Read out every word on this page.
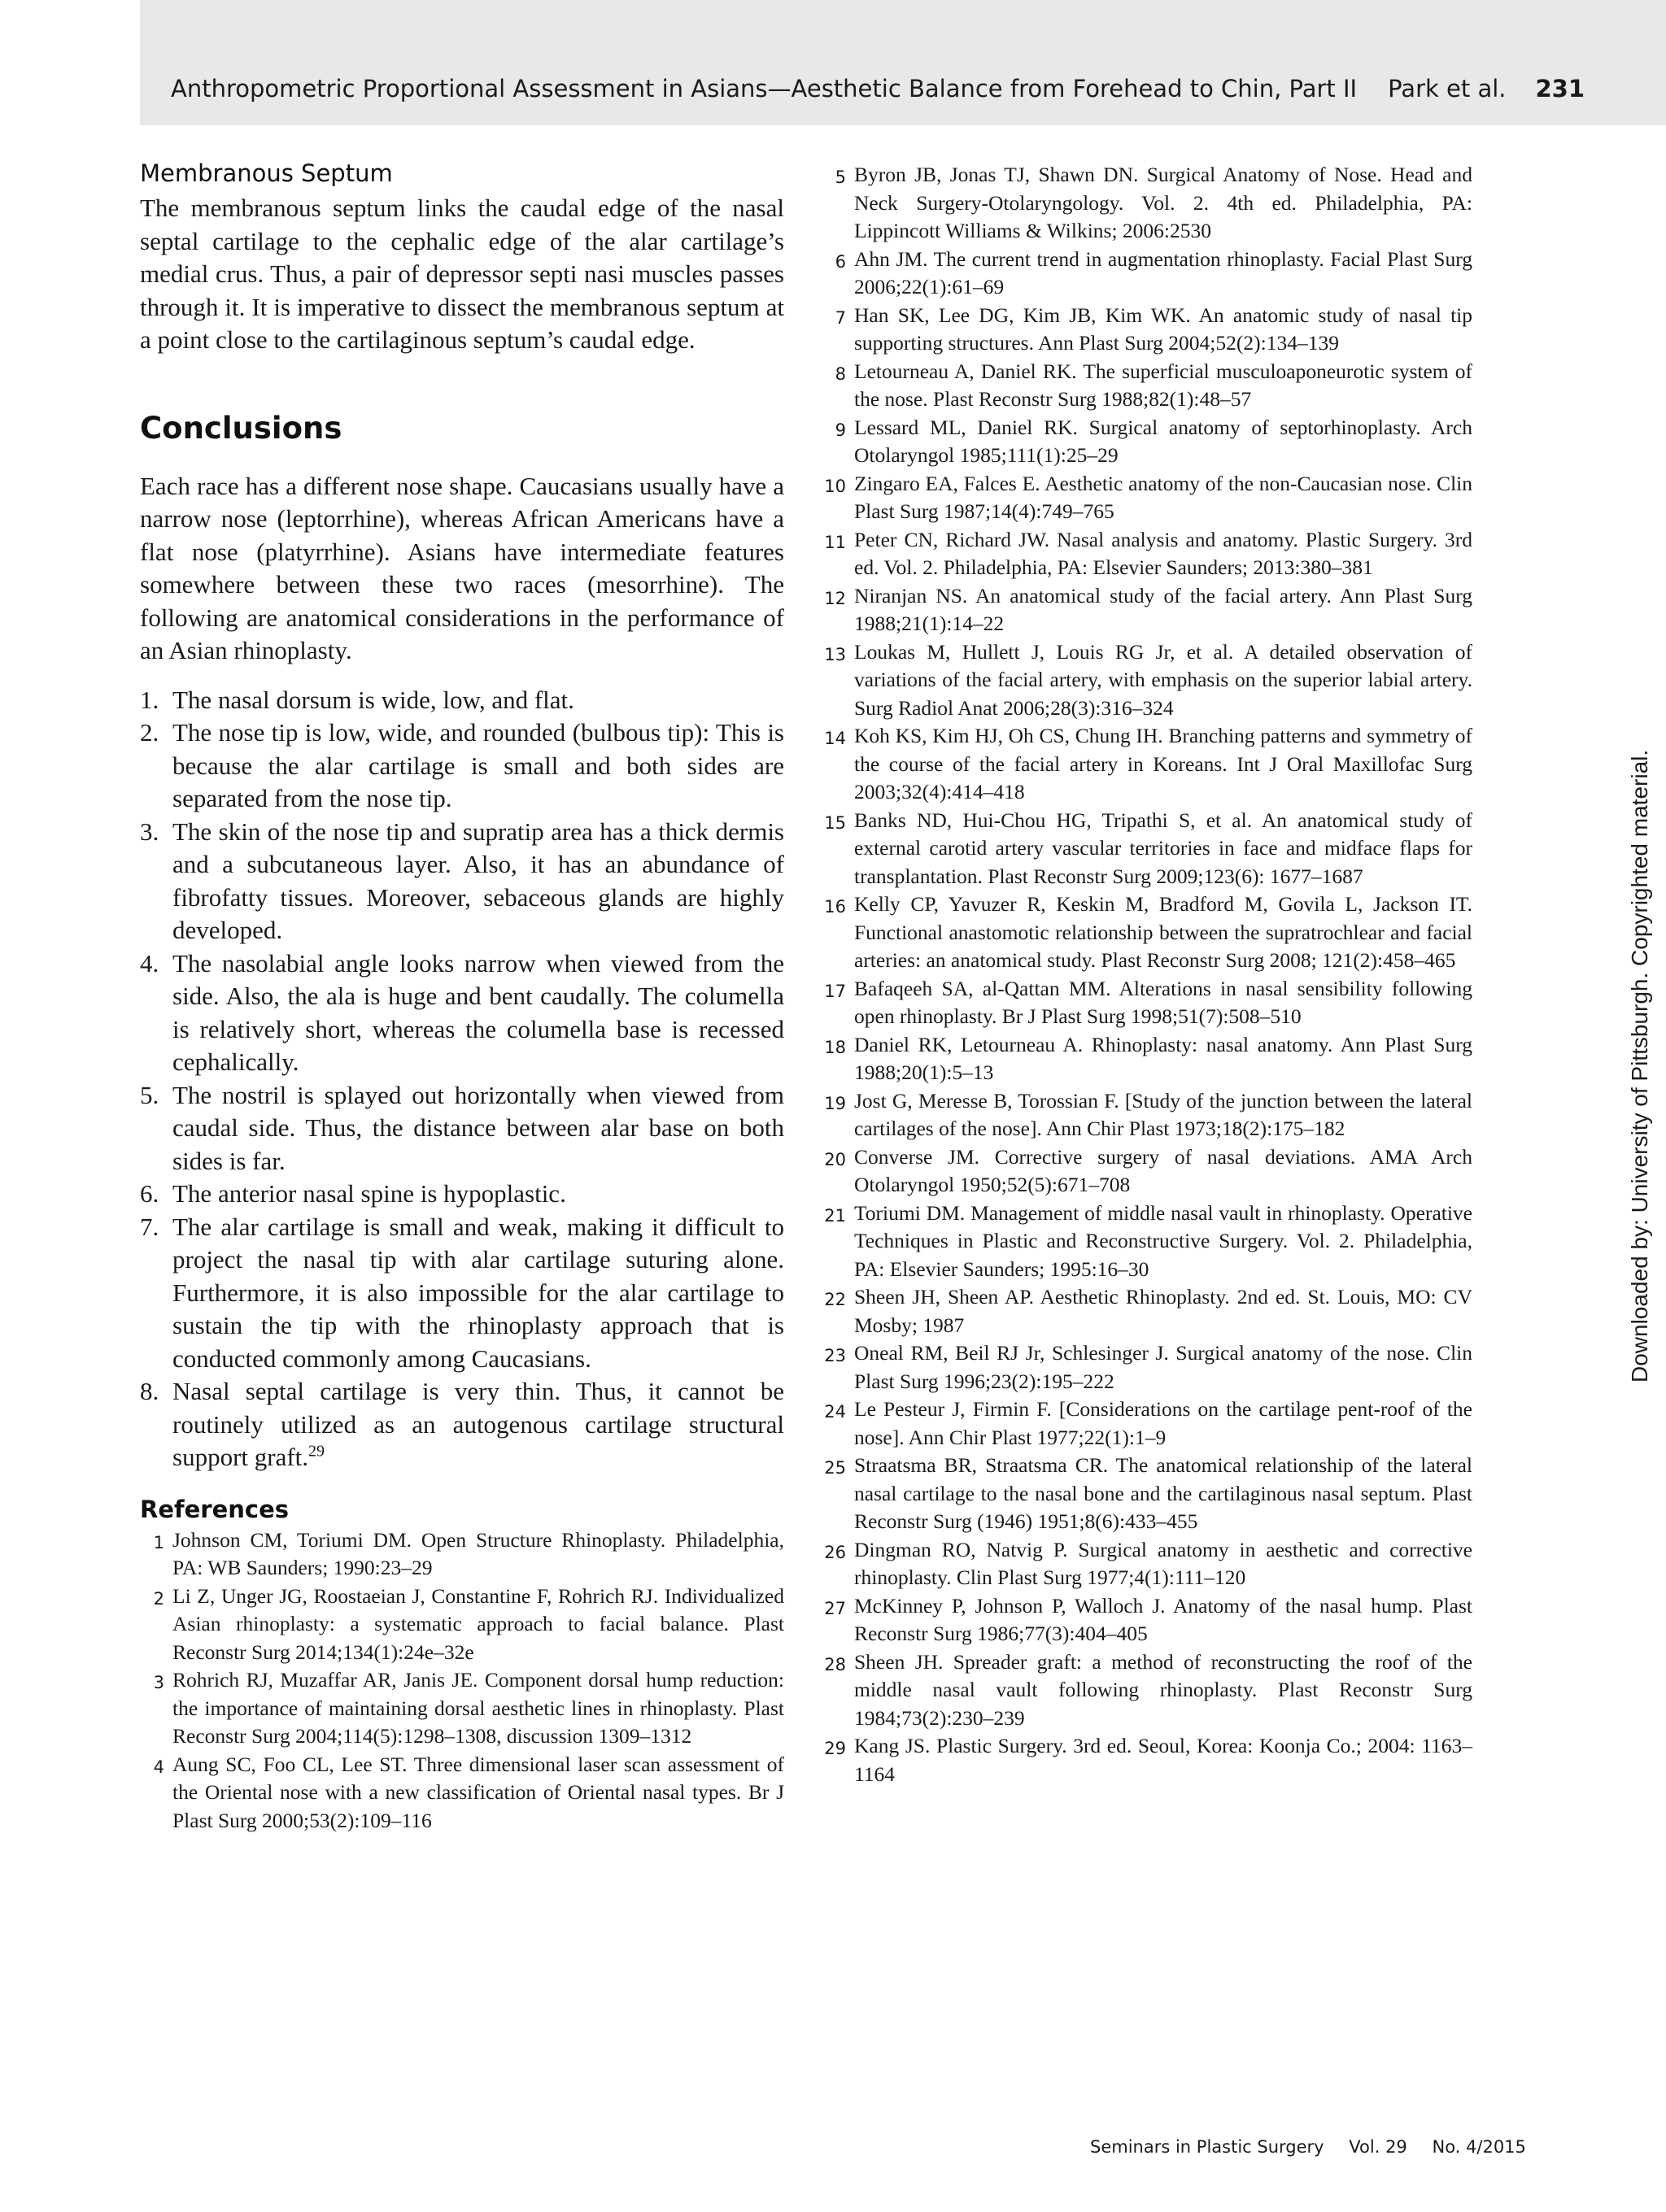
Anthropometric Proportional Assessment in Asians—Aesthetic Balance from Forehead to Chin, Part II Park et al. 231
Membranous Septum

The membranous septum links the caudal edge of the nasal septal cartilage to the cephalic edge of the alar cartilage’s medial crus. Thus, a pair of depressor septi nasi muscles passes through it. It is imperative to dissect the membranous septum at a point close to the cartilaginous septum’s caudal edge.

Conclusions

Each race has a different nose shape. Caucasians usually have a narrow nose (leptorrhine), whereas African Americans have a flat nose (platyrrhine). Asians have intermediate features somewhere between these two races (mesorrhine). The following are anatomical considerations in the performance of an Asian rhinoplasty.

1. The nasal dorsum is wide, low, and flat.
2. The nose tip is low, wide, and rounded (bulbous tip): This is because the alar cartilage is small and both sides are separated from the nose tip.
3. The skin of the nose tip and supratip area has a thick dermis and a subcutaneous layer. Also, it has an abundance of fibrofatty tissues. Moreover, sebaceous glands are highly developed.
4. The nasolabial angle looks narrow when viewed from the side. Also, the ala is huge and bent caudally. The columella is relatively short, whereas the columella base is recessed cephalically.
5. The nostril is splayed out horizontally when viewed from caudal side. Thus, the distance between alar base on both sides is far.
6. The anterior nasal spine is hypoplastic.
7. The alar cartilage is small and weak, making it difficult to project the nasal tip with alar cartilage suturing alone. Furthermore, it is also impossible for the alar cartilage to sustain the tip with the rhinoplasty approach that is conducted commonly among Caucasians.
8. Nasal septal cartilage is very thin. Thus, it cannot be routinely utilized as an autogenous cartilage structural support graft.$^{29}$
References
1 Johnson CM, Toriumi DM. Open Structure Rhinoplasty. Philadelphia, PA: WB Saunders; 1990:23–29
2 Li Z, Unger JG, Roostaeian J, Constantine F, Rohrich RJ. Individualized Asian rhinoplasty: a systematic approach to facial balance. Plast Reconstr Surg 2014;134(1):24e–32e
3 Rohrich RJ, Muzaffar AR, Janis JE. Component dorsal hump reduction: the importance of maintaining dorsal aesthetic lines in rhinoplasty. Plast Reconstr Surg 2004;114(5):1298–1308, discussion 1309–1312
4 Aung SC, Foo CL, Lee ST. Three dimensional laser scan assessment of the Oriental nose with a new classification of Oriental nasal types. Br J Plast Surg 2000;53(2):109–116
5 Byron JB, Jonas TJ, Shawn DN. Surgical Anatomy of Nose. Head and Neck Surgery-Otolaryngology. Vol. 2. 4th ed. Philadelphia, PA: Lippincott Williams & Wilkins; 2006:2530
6 Ahn JM. The current trend in augmentation rhinoplasty. Facial Plast Surg 2006;22(1):61–69
7 Han SK, Lee DG, Kim JB, Kim WK. An anatomic study of nasal tip supporting structures. Ann Plast Surg 2004;52(2):134–139
8 Letourneau A, Daniel RK. The superficial musculoaponeurotic system of the nose. Plast Reconstr Surg 1988;82(1):48–57
9 Lessard ML, Daniel RK. Surgical anatomy of septorhinoplasty. Arch Otolaryngol 1985;111(1):25–29
10 Zingaro EA, Falces E. Aesthetic anatomy of the non-Caucasian nose. Clin Plast Surg 1987;14(4):749–765
11 Peter CN, Richard JW. Nasal analysis and anatomy. Plastic Surgery. 3rd ed. Vol. 2. Philadelphia, PA: Elsevier Saunders; 2013:380–381
12 Niranjan NS. An anatomical study of the facial artery. Ann Plast Surg 1988;21(1):14–22
13 Loukas M, Hullett J, Louis RG Jr, et al. A detailed observation of variations of the facial artery, with emphasis on the superior labial artery. Surg Radiol Anat 2006;28(3):316–324
14 Koh KS, Kim HJ, Oh CS, Chung IH. Branching patterns and symmetry of the course of the facial artery in Koreans. Int J Oral Maxillofac Surg 2003;32(4):414–418
15 Banks ND, Hui-Chou HG, Tripathi S, et al. An anatomical study of external carotid artery vascular territories in face and midface flaps for transplantation. Plast Reconstr Surg 2009;123(6): 1677–1687
16 Kelly CP, Yavuzer R, Keskin M, Bradford M, Govila L, Jackson IT. Functional anastomotic relationship between the supratrochlear and facial arteries: an anatomical study. Plast Reconstr Surg 2008; 121(2):458–465
17 Bafaqeeh SA, al-Qattan MM. Alterations in nasal sensibility following open rhinoplasty. Br J Plast Surg 1998;51(7):508–510
18 Daniel RK, Letourneau A. Rhinoplasty: nasal anatomy. Ann Plast Surg 1988;20(1):5–13
19 Jost G, Meresse B, Torossian F. [Study of the junction between the lateral cartilages of the nose]. Ann Chir Plast 1973;18(2):175–182
20 Converse JM. Corrective surgery of nasal deviations. AMA Arch Otolaryngol 1950;52(5):671–708
21 Toriumi DM. Management of middle nasal vault in rhinoplasty. Operative Techniques in Plastic and Reconstructive Surgery. Vol. 2. Philadelphia, PA: Elsevier Saunders; 1995:16–30
22 Sheen JH, Sheen AP. Aesthetic Rhinoplasty. 2nd ed. St. Louis, MO: CV Mosby; 1987
23 Oneal RM, Beil RJ Jr, Schlesinger J. Surgical anatomy of the nose. Clin Plast Surg 1996;23(2):195–222
24 Le Pesteur J, Firmin F. [Considerations on the cartilage pent-roof of the nose]. Ann Chir Plast 1977;22(1):1–9
25 Straatsma BR, Straatsma CR. The anatomical relationship of the lateral nasal cartilage to the nasal bone and the cartilaginous nasal septum. Plast Reconstr Surg (1946) 1951;8(6):433–455
26 Dingman RO, Natvig P. Surgical anatomy in aesthetic and corrective rhinoplasty. Clin Plast Surg 1977;4(1):111–120
27 McKinney P, Johnson P, Walloch J. Anatomy of the nasal hump. Plast Reconstr Surg 1986;77(3):404–405
28 Sheen JH. Spreader graft: a method of reconstructing the roof of the middle nasal vault following rhinoplasty. Plast Reconstr Surg 1984;73(2):230–239
29 Kang JS. Plastic Surgery. 3rd ed. Seoul, Korea: Koonja Co.; 2004: 1163–1164
Downloaded by: University of Pittsburgh. Copyrighted material.
Seminars in Plastic Surgery Vol. 29 No. 4/2015
